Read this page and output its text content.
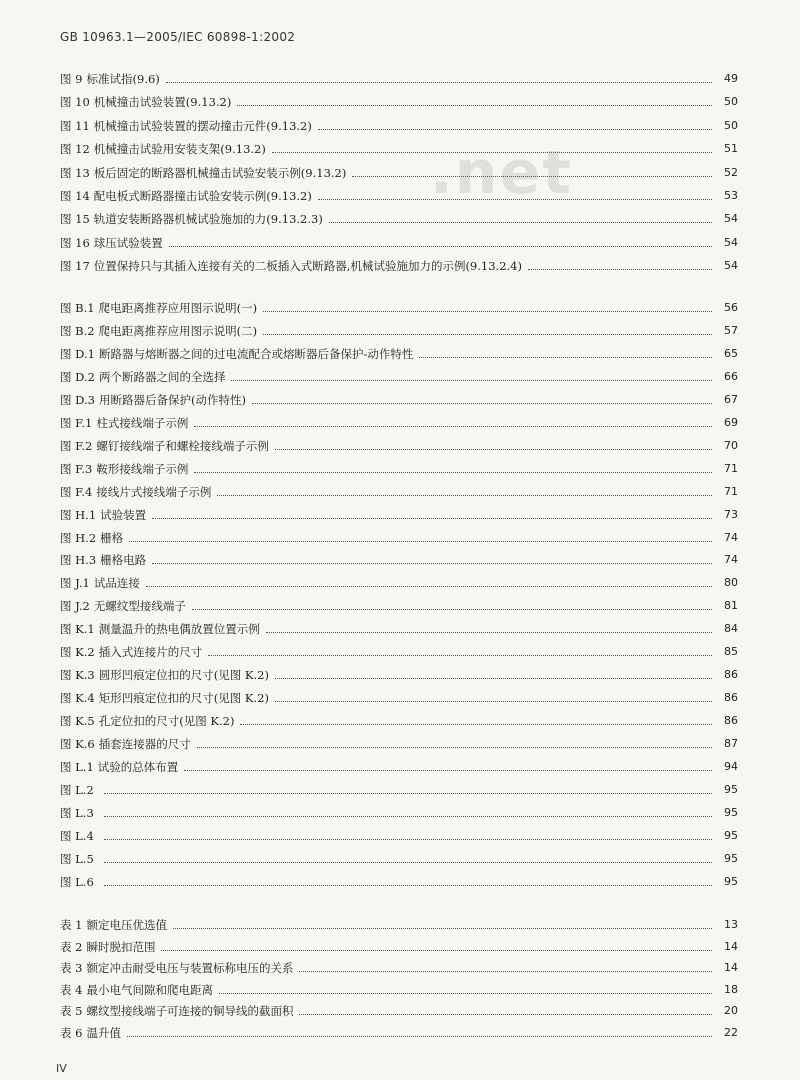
GB 10963.1—2005/IEC 60898-1:2002
.net
图 9 标准试指(9.6)	49
图 10 机械撞击试验装置(9.13.2)	50
图 11 机械撞击试验装置的摆动撞击元件(9.13.2)	50
图 12 机械撞击试验用安装支架(9.13.2)	51
图 13 板后固定的断路器机械撞击试验安装示例(9.13.2)	52
图 14 配电板式断路器撞击试验安装示例(9.13.2)	53
图 15 轨道安装断路器机械试验施加的力(9.13.2.3)	54
图 16 球压试验装置	54
图 17 位置保持只与其插入连接有关的二板插入式断路器,机械试验施加力的示例(9.13.2.4)	54
图 B.1 爬电距离推荐应用图示说明(一)	56
图 B.2 爬电距离推荐应用图示说明(二)	57
图 D.1 断路器与熔断器之间的过电流配合或熔断器后备保护-动作特性	65
图 D.2 两个断路器之间的全选择	66
图 D.3 用断路器后备保护(动作特性)	67
图 F.1 柱式接线端子示例	69
图 F.2 螺钉接线端子和螺栓接线端子示例	70
图 F.3 鞍形接线端子示例	71
图 F.4 接线片式接线端子示例	71
图 H.1 试验装置	73
图 H.2 栅格	74
图 H.3 栅格电路	74
图 J.1 试品连接	80
图 J.2 无螺纹型接线端子	81
图 K.1 测量温升的热电偶放置位置示例	84
图 K.2 插入式连接片的尺寸	85
图 K.3 圆形凹痕定位扣的尺寸(见图 K.2)	86
图 K.4 矩形凹痕定位扣的尺寸(见图 K.2)	86
图 K.5 孔定位扣的尺寸(见图 K.2)	86
图 K.6 插套连接器的尺寸	87
图 L.1 试验的总体布置	94
图 L.2	95
图 L.3	95
图 L.4	95
图 L.5	95
图 L.6	95
表 1 额定电压优选值	13
表 2 瞬时脱扣范围	14
表 3 额定冲击耐受电压与装置标称电压的关系	14
表 4 最小电气间隙和爬电距离	18
表 5 螺纹型接线端子可连接的铜导线的截面积	20
表 6 温升值	22
IV
